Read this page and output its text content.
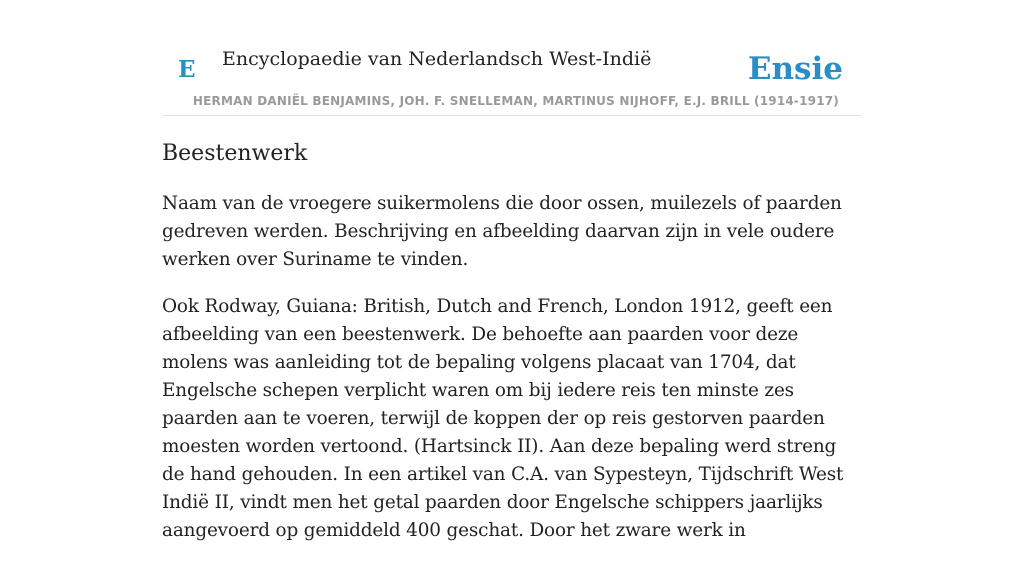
E Encyclopaedie van Nederlandsch West-Indië	Ensie
HERMAN DANIËL BENJAMINS, JOH. F. SNELLEMAN, MARTINUS NIJHOFF, E.J. BRILL (1914-1917)
Beestenwerk

Naam van de vroegere suikermolens die door ossen, muilezels of paarden gedreven werden. Beschrijving en afbeelding daarvan zijn in vele oudere werken over Suriname te vinden.

Ook Rodway, Guiana: British, Dutch and French, London 1912, geeft een afbeelding van een beestenwerk. De behoefte aan paarden voor deze molens was aanleiding tot de bepaling volgens placaat van 1704, dat Engelsche schepen verplicht waren om bij iedere reis ten minste zes paarden aan te voeren, terwijl de koppen der op reis gestorven paarden moesten worden vertoond. (Hartsinck II). Aan deze bepaling werd streng de hand gehouden. In een artikel van C.A. van Sypesteyn, Tijdschrift West Indië II, vindt men het getal paarden door Engelsche schippers jaarlijks aangevoerd op gemiddeld 400 geschat. Door het zware werk in
